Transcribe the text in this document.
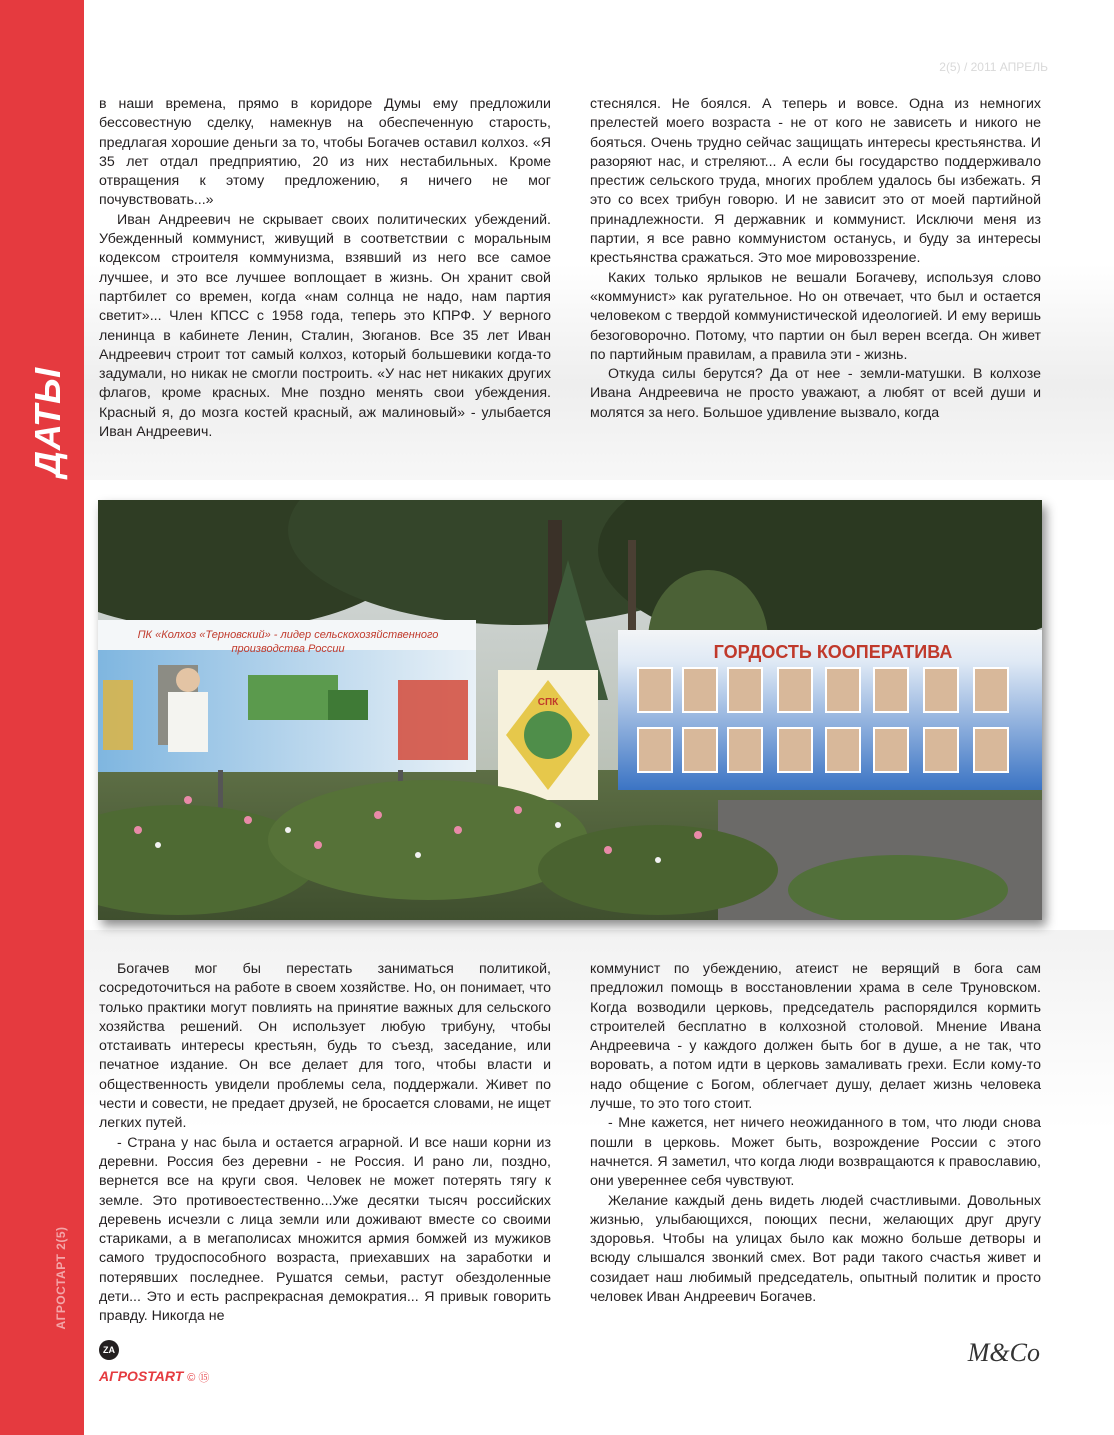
ДАТЫ
АГРОСТАРТ 2(5)
2(5) / 2011 АПРЕЛЬ

в наши времена, прямо в коридоре Думы ему предложили бессовестную сделку, намекнув на обеспеченную старость, предлагая хорошие деньги за то, чтобы Богачев оставил колхоз. «Я 35 лет отдал предприятию, 20 из них нестабильных. Кроме отвращения к этому предложению, я ничего не мог почувствовать...»

Иван Андреевич не скрывает своих политических убеждений. Убежденный коммунист, живущий в соответствии с моральным кодексом строителя коммунизма, взявший из него все самое лучшее, и это все лучшее воплощает в жизнь. Он хранит свой партбилет со времен, когда «нам солнца не надо, нам партия светит»... Член КПСС с 1958 года, теперь это КПРФ. У верного ленинца в кабинете Ленин, Сталин, Зюганов. Все 35 лет Иван Андреевич строит тот самый колхоз, который большевики когда-то задумали, но никак не смогли построить. «У нас нет никаких других флагов, кроме красных. Мне поздно менять свои убеждения. Красный я, до мозга костей красный, аж малиновый» - улыбается Иван Андреевич.

стеснялся. Не боялся. А теперь и вовсе. Одна из немногих прелестей моего возраста - не от кого не зависеть и никого не бояться. Очень трудно сейчас защищать интересы крестьянства. И разоряют нас, и стреляют... А если бы государство поддерживало престиж сельского труда, многих проблем удалось бы избежать. Я это со всех трибун говорю. И не зависит это от моей партийной принадлежности. Я державник и коммунист. Исключи меня из партии, я все равно коммунистом останусь, и буду за интересы крестьянства сражаться. Это мое мировоззрение.

Каких только ярлыков не вешали Богачеву, используя слово «коммунист» как ругательное. Но он отвечает, что был и остается человеком с твердой коммунистической идеологией. И ему веришь безоговорочно. Потому, что партии он был верен всегда. Он живет по партийным правилам, а правила эти - жизнь.

Откуда силы берутся? Да от нее - земли-матушки. В колхозе Ивана Андреевича не просто уважают, а любят от всей души и молятся за него. Большое удивление вызвало, когда

ПК «Колхоз «Терновский» - лидер сельскохозяйственного
производства России
СПК
ГОРДОСТЬ КООПЕРАТИВА

Богачев мог бы перестать заниматься политикой, сосредоточиться на работе в своем хозяйстве. Но, он понимает, что только практики могут повлиять на принятие важных для сельского хозяйства решений. Он использует любую трибуну, чтобы отстаивать интересы крестьян, будь то съезд, заседание, или печатное издание. Он все делает для того, чтобы власти и общественность увидели проблемы села, поддержали. Живет по чести и совести, не предает друзей, не бросается словами, не ищет легких путей.

- Страна у нас была и остается аграрной. И все наши корни из деревни. Россия без деревни - не Россия. И рано ли, поздно, вернется все на круги своя. Человек не может потерять тягу к земле. Это противоестественно...Уже десятки тысяч российских деревень исчезли с лица земли или доживают вместе со своими стариками, а в мегаполисах множится армия бомжей из мужиков самого трудоспособного возраста, приехавших на заработки и потерявших последнее. Рушатся семьи, растут обездоленные дети... Это и есть распрекрасная демократия... Я привык говорить правду. Никогда не

коммунист по убеждению, атеист не верящий в бога сам предложил помощь в восстановлении храма в селе Труновском. Когда возводили церковь, председатель распорядился кормить строителей бесплатно в колхозной столовой. Мнение Ивана Андреевича - у каждого должен быть бог в душе, а не так, что воровать, а потом идти в церковь замаливать грехи. Если кому-то надо общение с Богом, облегчает душу, делает жизнь человека лучше, то это того стоит.

- Мне кажется, нет ничего неожиданного в том, что люди снова пошли в церковь. Может быть, возрождение России с этого начнется. Я заметил, что когда люди возвращаются к православию, они увереннее себя чувствуют.

Желание каждый день видеть людей счастливыми. Довольных жизнью, улыбающихся, поющих песни, желающих друг другу здоровья. Чтобы на улицах было как можно больше детворы и всюду слышался звонкий смех. Вот ради такого счастья живет и созидает наш любимый председатель, опытный политик и просто человек Иван Андреевич Богачев.

ZA
АГРОSTART © ⑮
M&Co
